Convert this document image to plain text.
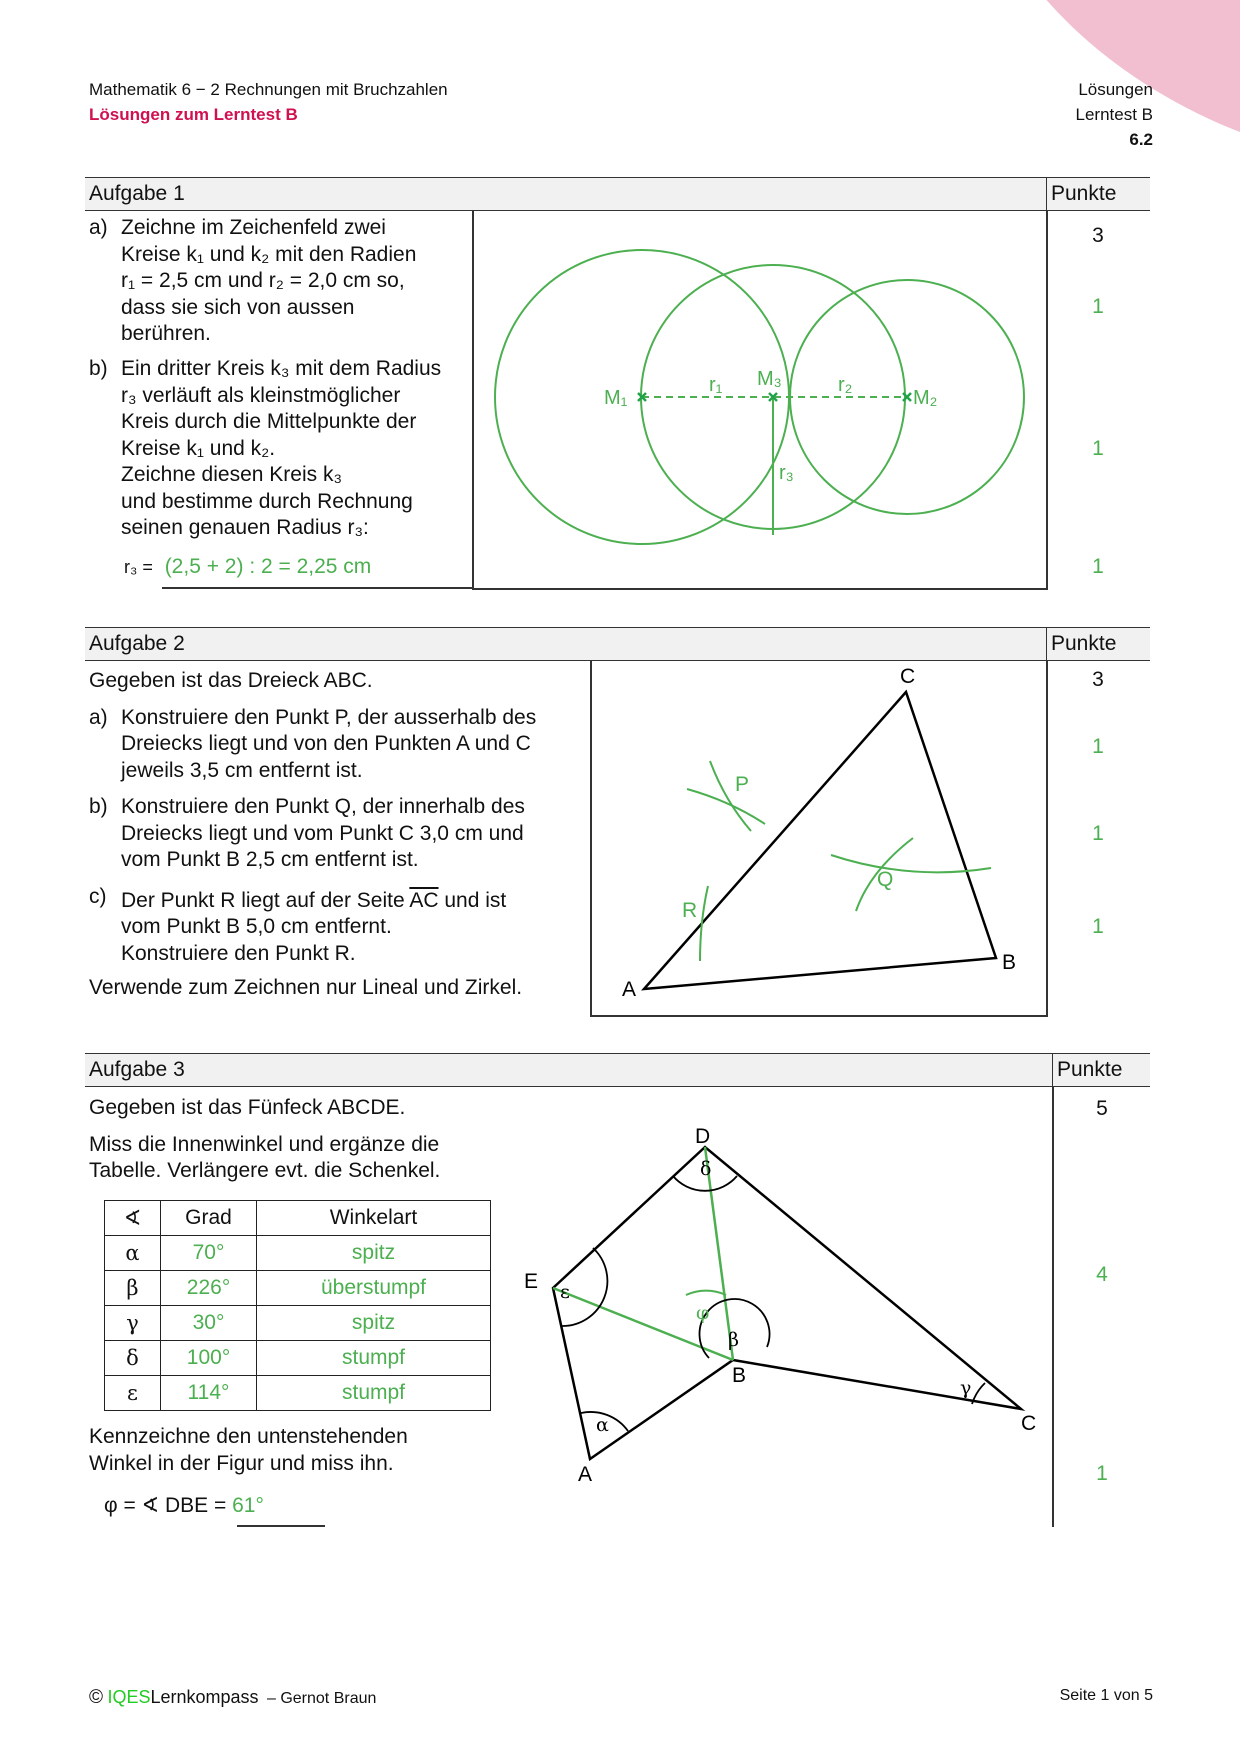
Mathematik 6 − 2 Rechnungen mit Bruchzahlen
Lösungen zum Lerntest B
Lösungen
Lerntest B
6.2
Aufgabe 1	Punkte
a) Zeichne im Zeichenfeld zwei
Kreise k₁ und k₂ mit den Radien
r₁ = 2,5 cm und r₂ = 2,0 cm so,
dass sie sich von aussen
berühren.
b) Ein dritter Kreis k₃ mit dem Radius
r₃ verläuft als kleinstmöglicher
Kreis durch die Mittelpunkte der
Kreise k₁ und k₂.
Zeichne diesen Kreis k₃
und bestimme durch Rechnung
seinen genauen Radius r₃:
r₃ = (2,5 + 2) : 2 = 2,25 cm
3
1
1
1
M₁	M₂
M₃
r₁	r₂
r₃
Aufgabe 2	Punkte
Gegeben ist das Dreieck ABC.
a) Konstruiere den Punkt P, der ausserhalb des
Dreiecks liegt und von den Punkten A und C
jeweils 3,5 cm entfernt ist.
b) Konstruiere den Punkt Q, der innerhalb des
Dreiecks liegt und vom Punkt C 3,0 cm und
vom Punkt B 2,5 cm entfernt ist.
c) Der Punkt R liegt auf der Seite $\overline{AC}$ und ist
vom Punkt B 5,0 cm entfernt.
Konstruiere den Punkt R.
Verwende zum Zeichnen nur Lineal und Zirkel.
3
1
1
1
C
B
A
P
Q
R
Aufgabe 3	Punkte
Gegeben ist das Fünfeck ABCDE.
Miss die Innenwinkel und ergänze die
Tabelle. Verlängere evt. die Schenkel.
∢	Grad	Winkelart
α	70°	spitz
β	226°	überstumpf
γ	30°	spitz
δ	100°	stumpf
ε	114°	stumpf
Kennzeichne den untenstehenden
Winkel in der Figur und miss ihn.
φ = ∢ DBE = 61°
5
4
1
A
B
C
D
E
α
β
γ
δ
ε
φ
© IQESLernkompass – Gernot Braun	Seite 1 von 5
